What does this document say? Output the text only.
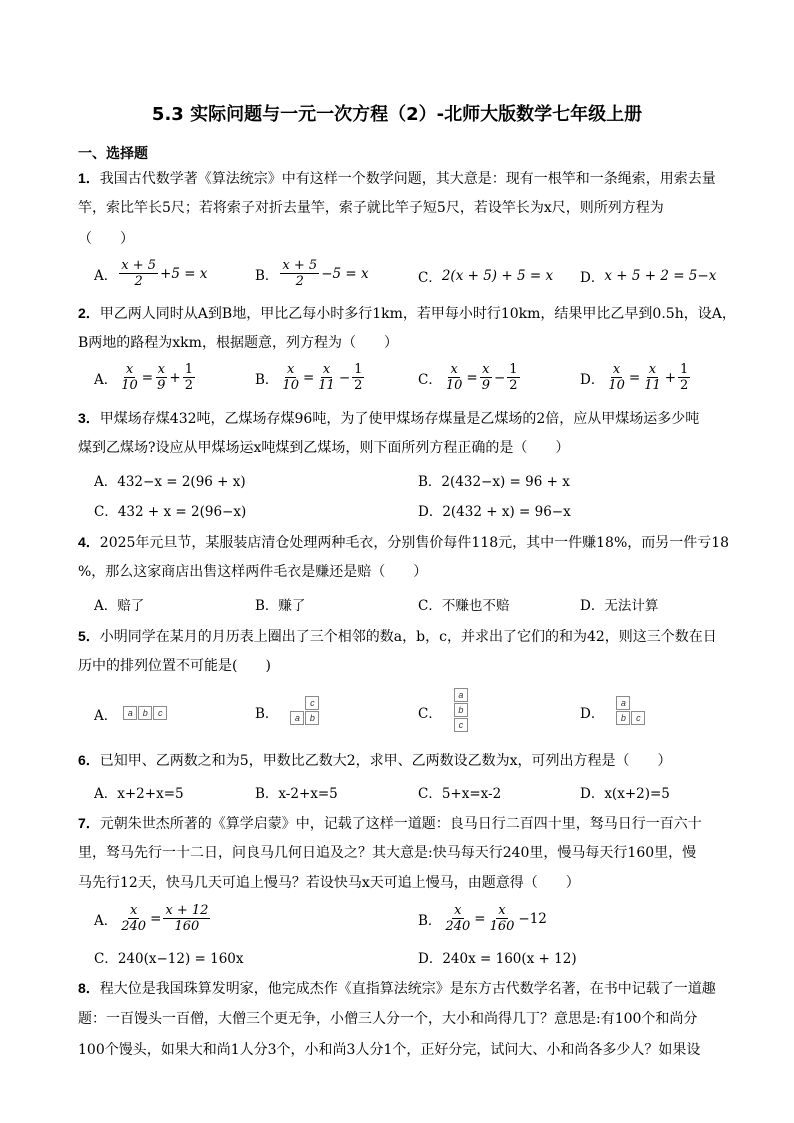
5.3 实际问题与一元一次方程（2）-北师大版数学七年级上册
一、选择题
1．我国古代数学著《算法统宗》中有这样一个数学问题，其大意是：现有一根竿和一条绳索，用索去量
竿，索比竿长5尺；若将索子对折去量竿，索子就比竿子短5尺，若设竿长为x尺，则所列方程为
（　　）
A． $\frac{x + 5}{2} +5 = x$	B． $\frac{x + 5}{2} -5 = x$	C． 2(x + 5) + 5 = x D． x + 5 + 2 = 5−x
2．甲乙两人同时从A到B地，甲比乙每小时多行1km，若甲每小时行10km，结果甲比乙早到0.5h，设A，
B两地的路程为xkm，根据题意，列方程为（　　）
A． $\frac{x}{10} = \frac{x}{9} + \frac{1}{2}$	B． $\frac{x}{10} = \frac{x}{11} - \frac{1}{2}$	C． $\frac{x}{10} = \frac{x}{9} - \frac{1}{2}$	D． $\frac{x}{10} = \frac{x}{11} + \frac{1}{2}$
3．甲煤场存煤432吨，乙煤场存煤96吨，为了使甲煤场存煤量是乙煤场的2倍，应从甲煤场运多少吨
煤到乙煤场?设应从甲煤场运x吨煤到乙煤场，则下面所列方程正确的是（　　）
A．432−x = 2(96 + x)	B．2(432−x) = 96 + x
C．432 + x = 2(96−x)	D．2(432 + x) = 96−x
4．2025年元旦节，某服装店清仓处理两种毛衣，分别售价每件118元，其中一件赚18%，而另一件亏18
%，那么这家商店出售这样两件毛衣是赚还是赔（　　）
A．赔了	B．赚了	C．不赚也不赔	D．无法计算
5．小明同学在某月的月历表上圈出了三个相邻的数a，b，c，并求出了它们的和为42，则这三个数在日
历中的排列位置不可能是(　　)
A．	a	b	c	B．
c
a	b	C．
a
b
c
D．
a
b	c
6．已知甲、乙两数之和为5，甲数比乙数大2，求甲、乙两数设乙数为x，可列出方程是（　　）
A．x+2+x=5	B．x-2+x=5	C．5+x=x-2	D．x(x+2)=5
7．元朝朱世杰所著的《算学启蒙》中，记载了这样一道题：良马日行二百四十里，驽马日行一百六十
里，驽马先行一十二日，问良马几何日追及之？其大意是:快马每天行240里，慢马每天行160里，慢
马先行12天，快马几天可追上慢马？若设快马x天可追上慢马，由题意得（　　）
A． $\frac{x}{240} = \frac{x + 12}{160}$	B． $\frac{x}{240} = \frac{x}{160} -12$
C．240(x−12) = 160x	D．240x = 160(x + 12)
8．程大位是我国珠算发明家，他完成杰作《直指算法统宗》是东方古代数学名著，在书中记载了一道趣
题：一百馒头一百僧，大僧三个更无争，小僧三人分一个，大小和尚得几丁？意思是:有100个和尚分
100个馒头，如果大和尚1人分3个，小和尚3人分1个，正好分完，试问大、小和尚各多少人？如果设
